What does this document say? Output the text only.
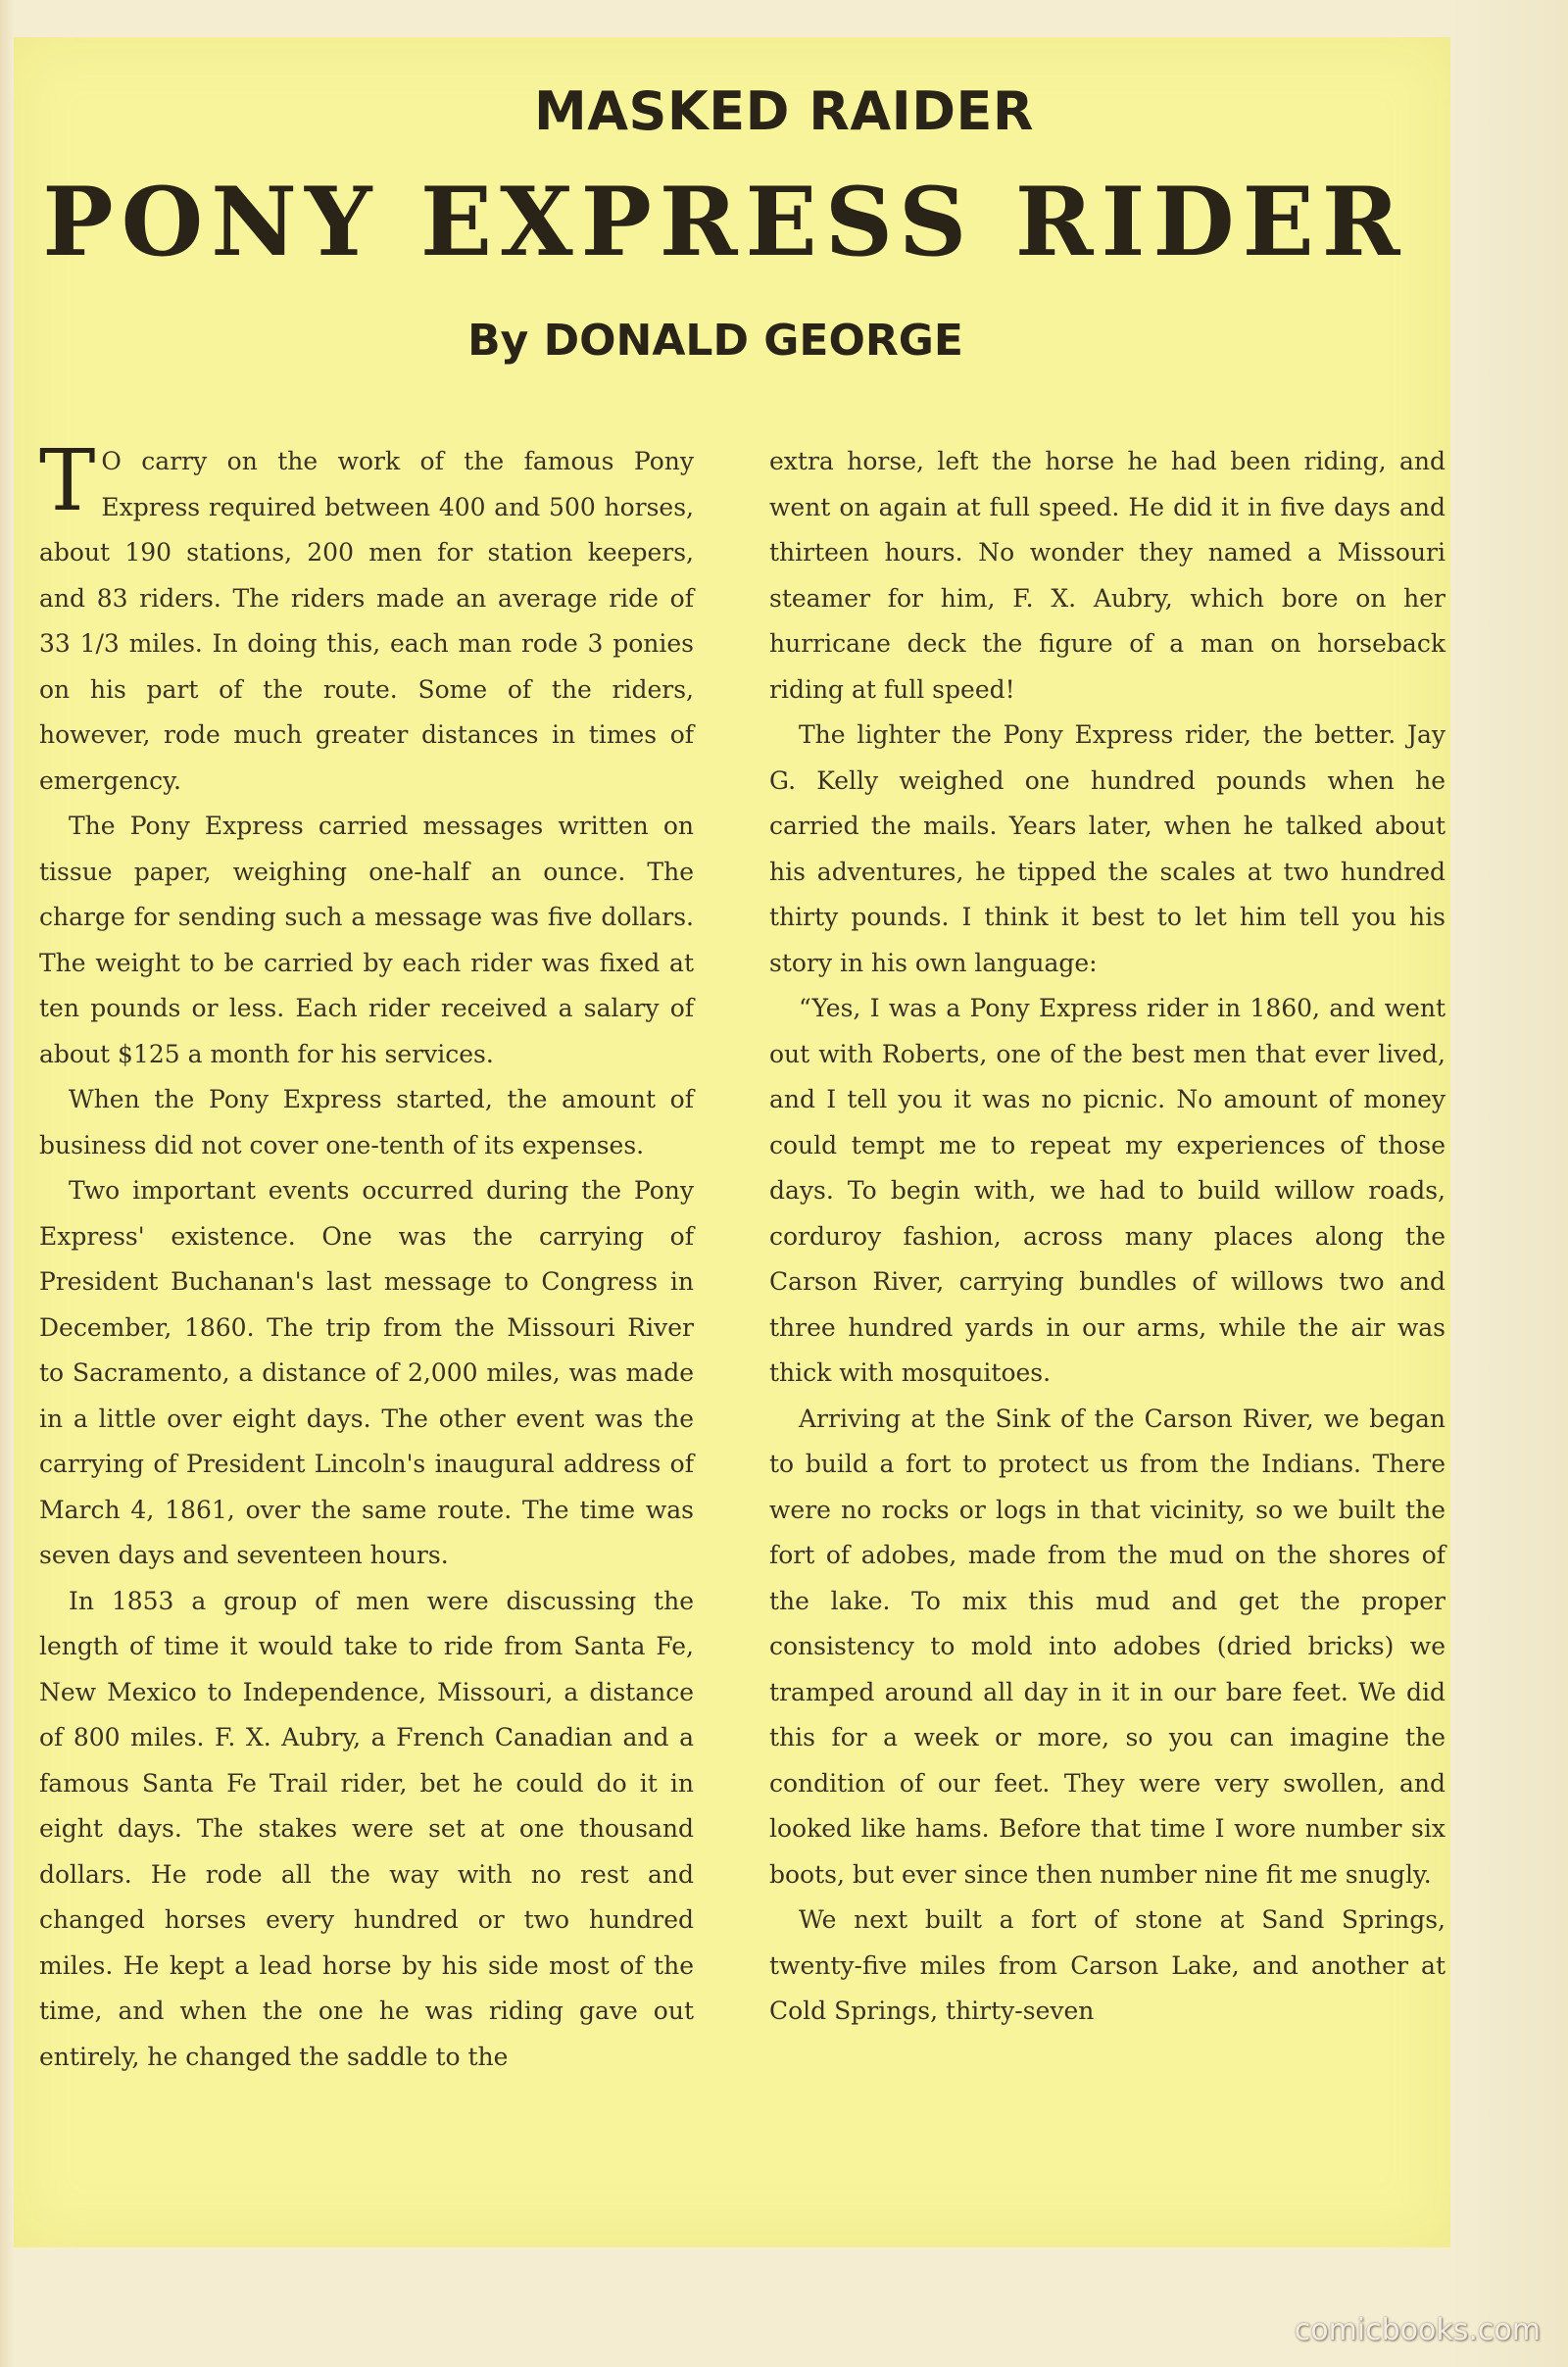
MASKED RAIDER
PONY EXPRESS RIDER
By DONALD GEORGE

T O carry on the work of the famous Pony Express required between 400 and 500 horses, about 190 stations, 200 men for station keepers, and 83 riders. The riders made an average ride of 33 1/3 miles. In doing this, each man rode 3 ponies on his part of the route. Some of the riders, however, rode much greater distances in times of emergency.

The Pony Express carried messages written on tissue paper, weighing one-half an ounce. The charge for sending such a message was five dollars. The weight to be carried by each rider was fixed at ten pounds or less. Each rider received a salary of about $125 a month for his services.

When the Pony Express started, the amount of business did not cover one-tenth of its expenses.

Two important events occurred during the Pony Express' existence. One was the carrying of President Buchanan's last message to Congress in December, 1860. The trip from the Missouri River to Sacramento, a distance of 2,000 miles, was made in a little over eight days. The other event was the carrying of President Lincoln's inaugural address of March 4, 1861, over the same route. The time was seven days and seventeen hours.

In 1853 a group of men were discussing the length of time it would take to ride from Santa Fe, New Mexico to Independence, Missouri, a distance of 800 miles. F. X. Aubry, a French Canadian and a famous Santa Fe Trail rider, bet he could do it in eight days. The stakes were set at one thousand dollars. He rode all the way with no rest and changed horses every hundred or two hundred miles. He kept a lead horse by his side most of the time, and when the one he was riding gave out entirely, he changed the saddle to the

extra horse, left the horse he had been riding, and went on again at full speed. He did it in five days and thirteen hours. No wonder they named a Missouri steamer for him, F. X. Aubry, which bore on her hurricane deck the figure of a man on horseback riding at full speed!

The lighter the Pony Express rider, the better. Jay G. Kelly weighed one hundred pounds when he carried the mails. Years later, when he talked about his adventures, he tipped the scales at two hundred thirty pounds. I think it best to let him tell you his story in his own language:

“Yes, I was a Pony Express rider in 1860, and went out with Roberts, one of the best men that ever lived, and I tell you it was no picnic. No amount of money could tempt me to repeat my experiences of those days. To begin with, we had to build willow roads, corduroy fashion, across many places along the Carson River, carrying bundles of willows two and three hundred yards in our arms, while the air was thick with mosquitoes.

Arriving at the Sink of the Carson River, we began to build a fort to protect us from the Indians. There were no rocks or logs in that vicinity, so we built the fort of adobes, made from the mud on the shores of the lake. To mix this mud and get the proper consistency to mold into adobes (dried bricks) we tramped around all day in it in our bare feet. We did this for a week or more, so you can imagine the condition of our feet. They were very swollen, and looked like hams. Before that time I wore number six boots, but ever since then number nine fit me snugly.

We next built a fort of stone at Sand Springs, twenty-five miles from Carson Lake, and another at Cold Springs, thirty-seven

comicbooks.com
